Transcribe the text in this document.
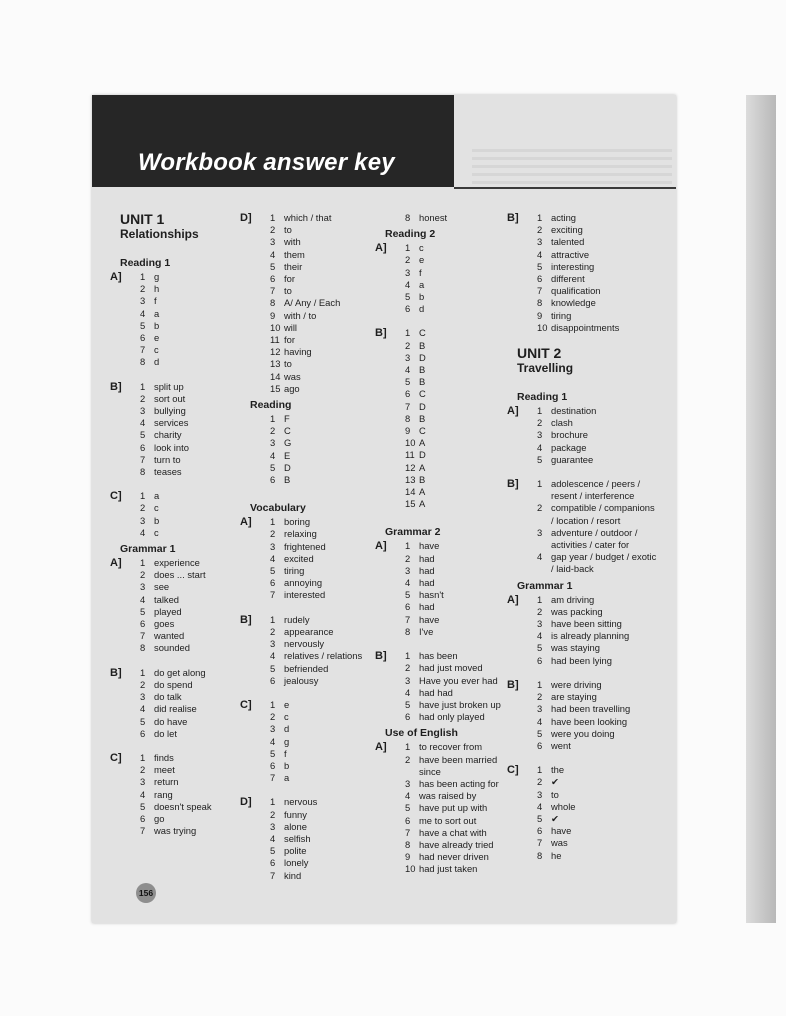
Workbook answer key
UNIT 1
Relationships
Reading 1
A] 1 g
2 h
3 f
4 a
5 b
6 e
7 c
8 d
B] 1 split up
2 sort out
3 bullying
4 services
5 charity
6 look into
7 turn to
8 teases
C] 1 a
2 c
3 b
4 c
Grammar 1
A] 1 experience
2 does ... start
3 see
4 talked
5 played
6 goes
7 wanted
8 sounded
B] 1 do get along
2 do spend
3 do talk
4 did realise
5 do have
6 do let
C] 1 finds
2 meet
3 return
4 rang
5 doesn't speak
6 go
7 was trying
D] 1 which / that
2 to
3 with
4 them
5 their
6 for
7 to
8 A/ Any / Each
9 with / to
10 will
11 for
12 having
13 to
14 was
15 ago
Reading
1 F
2 C
3 G
4 E
5 D
6 B
Vocabulary
A] 1 boring
2 relaxing
3 frightened
4 excited
5 tiring
6 annoying
7 interested
B] 1 rudely
2 appearance
3 nervously
4 relatives / relations
5 befriended
6 jealousy
C] 1 e
2 c
3 d
4 g
5 f
6 b
7 a
D] 1 nervous
2 funny
3 alone
4 selfish
5 polite
6 lonely
7 kind
8 honest
Reading 2
A] 1 c
2 e
3 f
4 a
5 b
6 d
B] 1 C
2 B
3 D
4 B
5 B
6 C
7 D
8 B
9 C
10 A
11 D
12 A
13 B
14 A
15 A
Grammar 2
A] 1 have
2 had
3 had
4 had
5 hasn't
6 had
7 have
8 I've
B] 1 has been
2 had just moved
3 Have you ever had
4 had had
5 have just broken up
6 had only played
Use of English
A] 1 to recover from
2 have been married since
3 has been acting for
4 was raised by
5 have put up with
6 me to sort out
7 have a chat with
8 have already tried
9 had never driven
10 had just taken
B] 1 acting
2 exciting
3 talented
4 attractive
5 interesting
6 different
7 qualification
8 knowledge
9 tiring
10 disappointments
UNIT 2
Travelling
Reading 1
A] 1 destination
2 clash
3 brochure
4 package
5 guarantee
B] 1 adolescence / peers / resent / interference
2 compatible / companions / location / resort
3 adventure / outdoor / activities / cater for
4 gap year / budget / exotic / laid-back
Grammar 1
A] 1 am driving
2 was packing
3 have been sitting
4 is already planning
5 was staying
6 had been lying
B] 1 were driving
2 are staying
3 had been travelling
4 have been looking
5 were you doing
6 went
C] 1 the
2 ✔
3 to
4 whole
5 ✔
6 have
7 was
8 he
156
